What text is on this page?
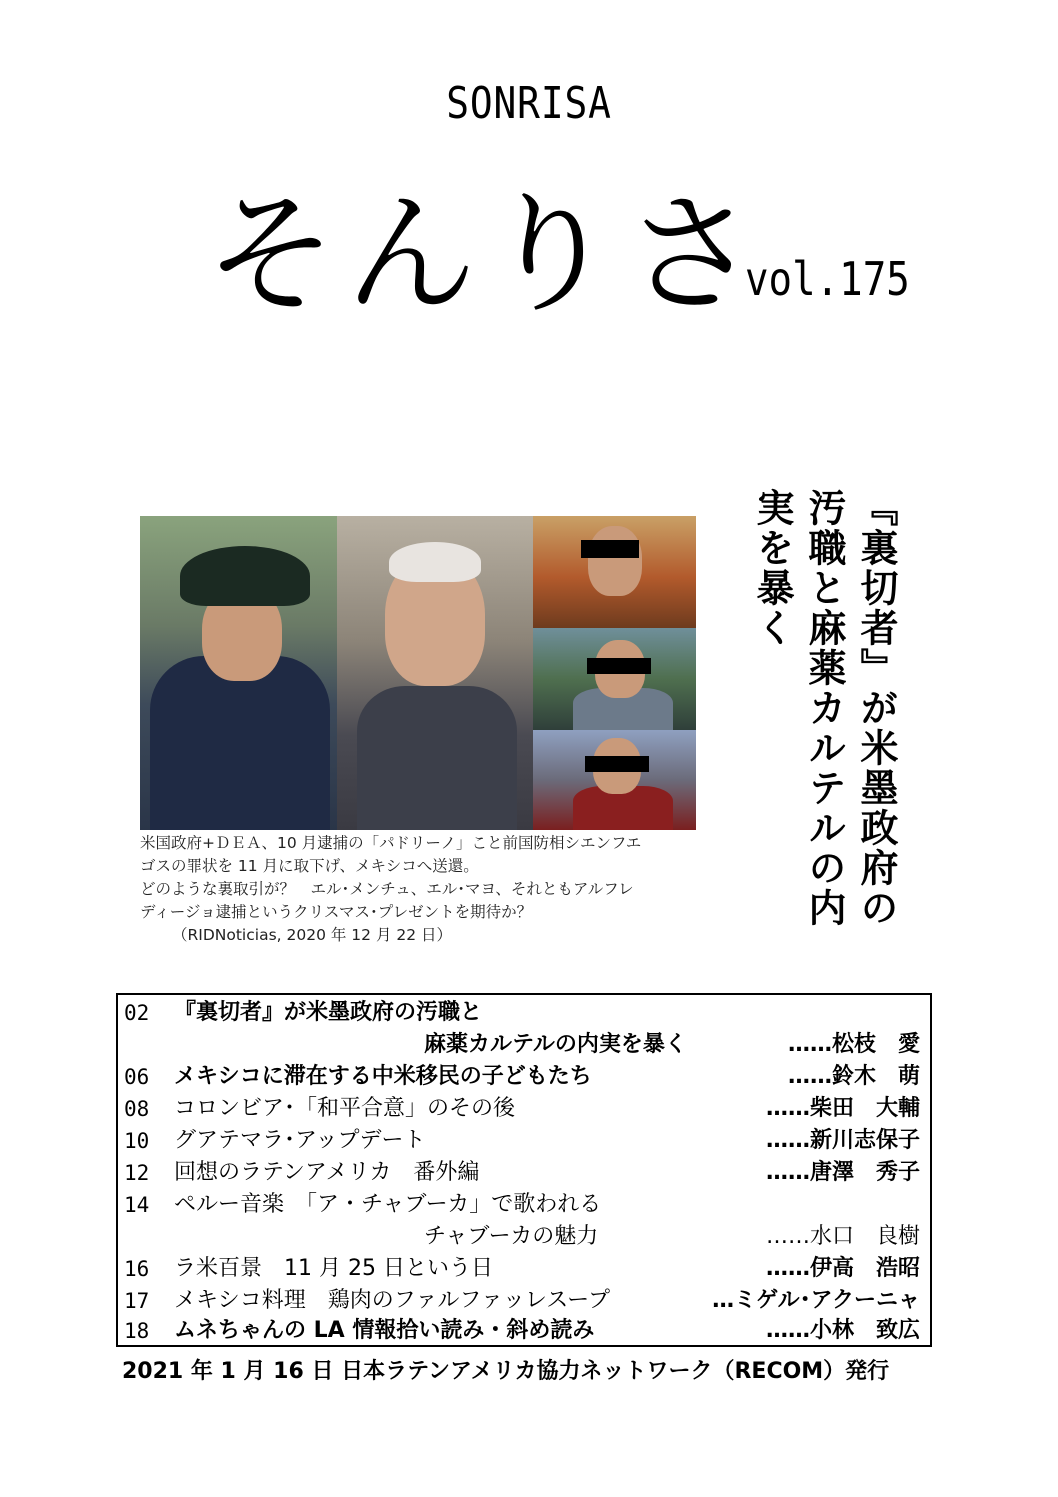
SONRISA
そんりさ
vol.175
米国政府+ＤＥＡ、10 月逮捕の「パドリーノ」こと前国防相シエンフエ
ゴスの罪状を 11 月に取下げ、メキシコへ送還。
どのような裏取引が？　エル･メンチュ、エル･マヨ、それともアルフレ
ディージョ逮捕というクリスマス･プレゼントを期待か？
（RIDNoticias, 2020 年 12 月 22 日）
『裏切者』が米墨政府の汚職と麻薬カルテルの内実を暴く
02 『裏切者』が米墨政府の汚職と
麻薬カルテルの内実を暴く	……松枝　愛
06 メキシコに滞在する中米移民の子どもたち	……鈴木　萌
08 コロンビア･「和平合意」のその後	……柴田　大輔
10 グアテマラ･アップデート	……新川志保子
12 回想のラテンアメリカ　番外編	……唐澤　秀子
14 ペルー音楽　「ア・チャブーカ」で歌われる
チャブーカの魅力	……水口　良樹
16 ラ米百景　11 月 25 日という日	……伊高　浩昭
17 メキシコ料理　鶏肉のファルファッレスープ	…ミゲル･アクーニャ
18 ムネちゃんの LA 情報拾い読み・斜め読み	……小林　致広
2021 年 1 月 16 日 日本ラテンアメリカ協力ネットワーク（RECOM）発行
